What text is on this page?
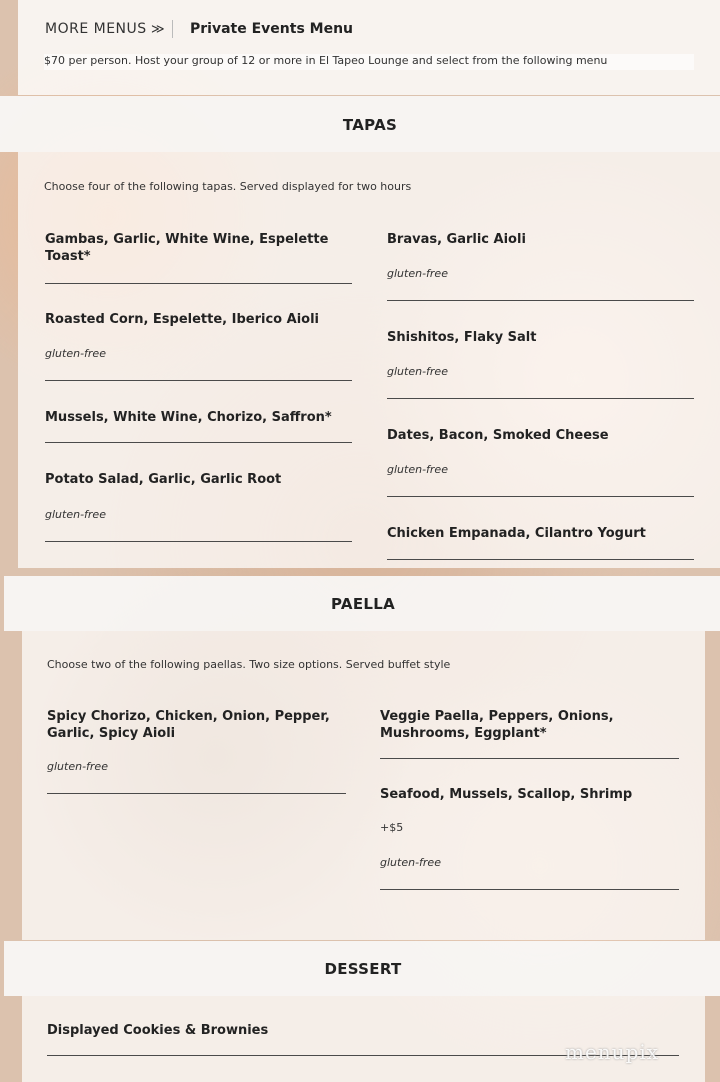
MORE MENUS ≫ Private Events Menu
$70 per person. Host your group of 12 or more in El Tapeo Lounge and select from the following menu
TAPAS
Choose four of the following tapas. Served displayed for two hours
Gambas, Garlic, White Wine, Espelette Toast*
Roasted Corn, Espelette, Iberico Aioli
gluten-free
Mussels, White Wine, Chorizo, Saffron*
Potato Salad, Garlic, Garlic Root
gluten-free
Bravas, Garlic Aioli
gluten-free
Shishitos, Flaky Salt
gluten-free
Dates, Bacon, Smoked Cheese
gluten-free
Chicken Empanada, Cilantro Yogurt
PAELLA
Choose two of the following paellas. Two size options. Served buffet style
Spicy Chorizo, Chicken, Onion, Pepper, Garlic, Spicy Aioli
gluten-free
Veggie Paella, Peppers, Onions, Mushrooms, Eggplant*
Seafood, Mussels, Scallop, Shrimp
+$5
gluten-free
DESSERT
Displayed Cookies & Brownies
menupix
